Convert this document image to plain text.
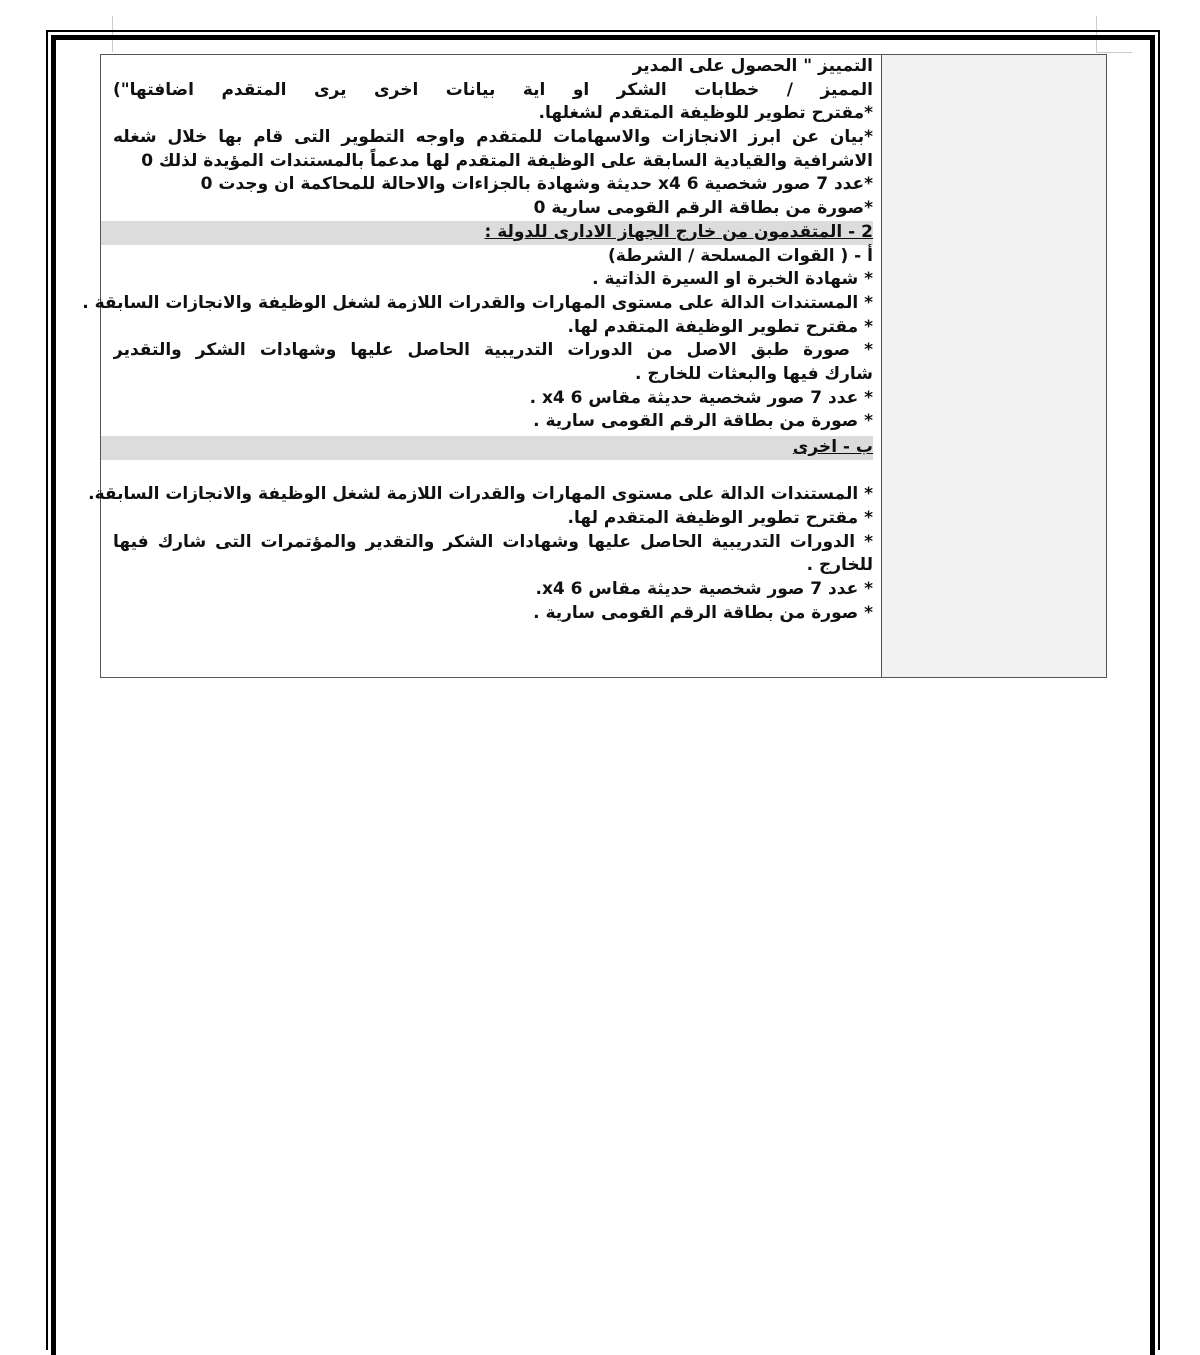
التمييز " الحصول على المدير
المميز / خطابات الشكر او اية بيانات اخرى يرى المتقدم اضافتها")
*مقترح تطوير للوظيفة المتقدم لشغلها.
*بيان عن ابرز الانجازات والاسهامات للمتقدم واوجه التطوير التى قام بها خلال شغله
الاشرافية والقيادية السابقة على الوظيفة المتقدم لها مدعماً بالمستندات المؤيدة لذلك 0
*عدد 7 صور شخصية 6 x4 حديثة وشهادة بالجزاءات والاحالة للمحاكمة ان وجدت 0
*صورة من بطاقة الرقم القومى سارية 0
2 - المتقدمون من خارج الجهاز الادارى للدولة :
أ - ( القوات المسلحة / الشرطة)
* شهادة الخبرة او السيرة الذاتية .
* المستندات الدالة على مستوى المهارات والقدرات اللازمة لشغل الوظيفة والانجازات السابقة .
* مقترح تطوير الوظيفة المتقدم لها.
* صورة طبق الاصل من الدورات التدريبية الحاصل عليها وشهادات الشكر والتقدير
شارك فيها والبعثات للخارج .
* عدد 7 صور شخصية حديثة مقاس 6 x4 .
* صورة من بطاقة الرقم القومى سارية .
ب - اخرى
* المستندات الدالة على مستوى المهارات والقدرات اللازمة لشغل الوظيفة والانجازات السابقة.
* مقترح تطوير الوظيفة المتقدم لها.
* الدورات التدريبية الحاصل عليها وشهادات الشكر والتقدير والمؤتمرات التى شارك فيها
للخارج .
* عدد 7 صور شخصية حديثة مقاس 6 x4.
* صورة من بطاقة الرقم القومى سارية .
